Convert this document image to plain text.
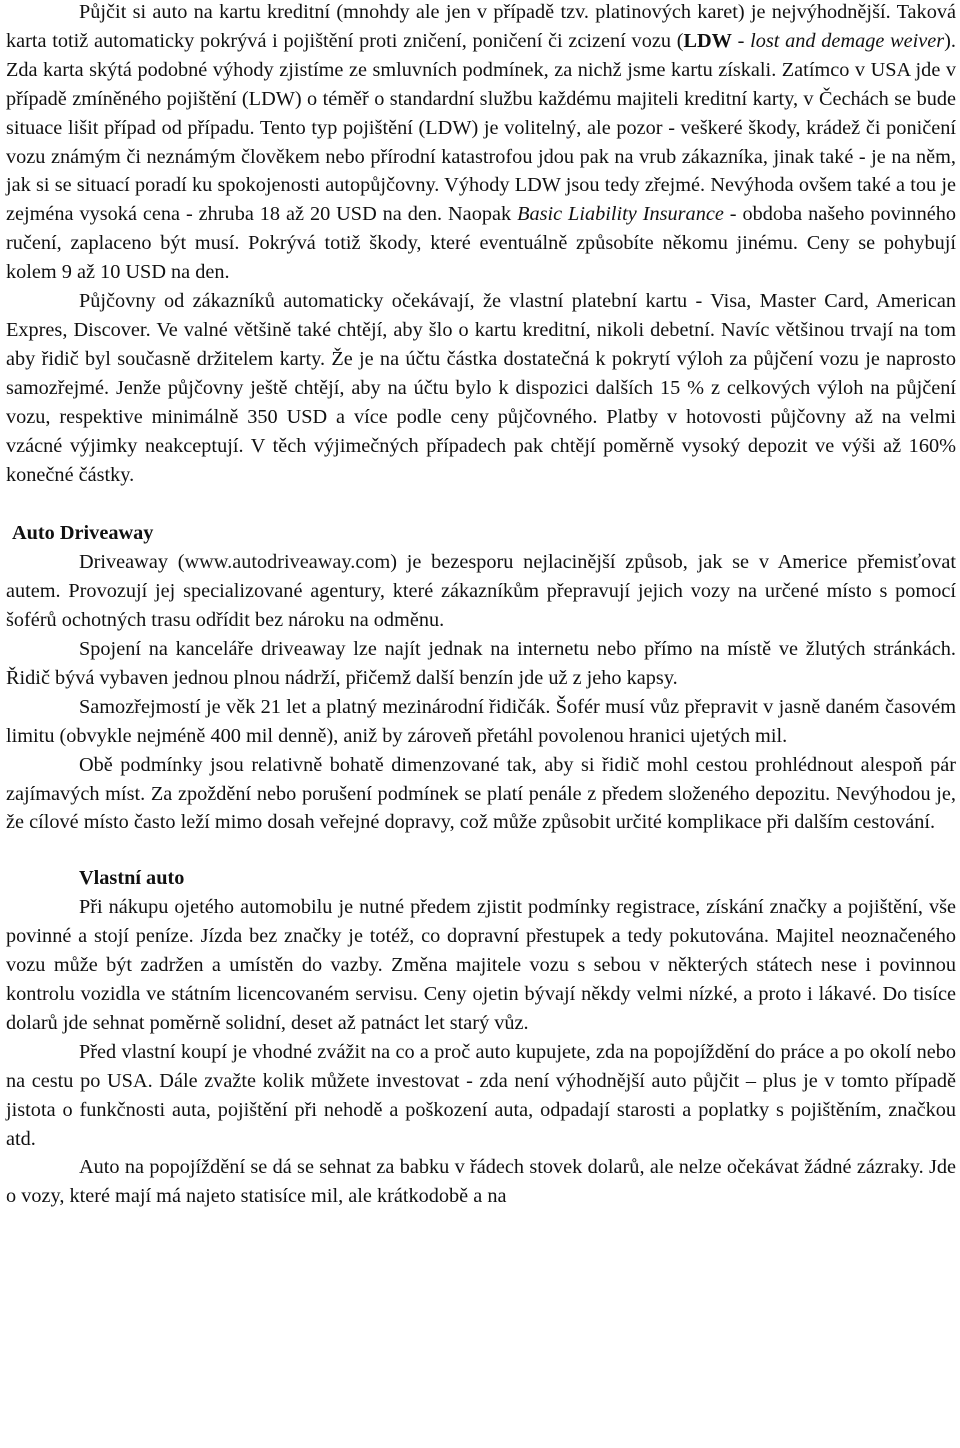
Půjčit si auto na kartu kreditní (mnohdy ale jen v případě tzv. platinových karet) je nejvýhodnější. Taková karta totiž automaticky pokrývá i pojištění proti zničení, poničení či zcizení vozu (LDW - lost and demage weiver). Zda karta skýtá podobné výhody zjistíme ze smluvních podmínek, za nichž jsme kartu získali. Zatímco v USA jde v případě zmíněného pojištění (LDW) o téměř o standardní službu každému majiteli kreditní karty, v Čechách se bude situace lišit případ od případu. Tento typ pojištění (LDW) je volitelný, ale pozor - veškeré škody, krádež či poničení vozu známým či neznámým člověkem nebo přírodní katastrofou jdou pak na vrub zákazníka, jinak také - je na něm, jak si se situací poradí ku spokojenosti autopůjčovny. Výhody LDW jsou tedy zřejmé. Nevýhoda ovšem také a tou je zejména vysoká cena - zhruba 18 až 20 USD na den. Naopak Basic Liability Insurance - obdoba našeho povinného ručení, zaplaceno být musí. Pokrývá totiž škody, které eventuálně způsobíte někomu jinému. Ceny se pohybují kolem 9 až 10 USD na den.

Půjčovny od zákazníků automaticky očekávají, že vlastní platební kartu - Visa, Master Card, American Expres, Discover. Ve valné většině také chtějí, aby šlo o kartu kreditní, nikoli debetní. Navíc většinou trvají na tom aby řidič byl současně držitelem karty. Že je na účtu částka dostatečná k pokrytí výloh za půjčení vozu je naprosto samozřejmé. Jenže půjčovny ještě chtějí, aby na účtu bylo k dispozici dalších 15 % z celkových výloh na půjčení vozu, respektive minimálně 350 USD a více podle ceny půjčovného. Platby v hotovosti půjčovny až na velmi vzácné výjimky neakceptují. V těch výjimečných případech pak chtějí poměrně vysoký depozit ve výši až 160% konečné částky.

Auto Driveaway

Driveaway (www.autodriveaway.com) je bezesporu nejlacinější způsob, jak se v Americe přemisťovat autem. Provozují jej specializované agentury, které zákazníkům přepravují jejich vozy na určené místo s pomocí šoférů ochotných trasu odřídit bez nároku na odměnu.

Spojení na kanceláře driveaway lze najít jednak na internetu nebo přímo na místě ve žlutých stránkách. Řidič bývá vybaven jednou plnou nádrží, přičemž další benzín jde už z jeho kapsy.

Samozřejmostí je věk 21 let a platný mezinárodní řidičák. Šofér musí vůz přepravit v jasně daném časovém limitu (obvykle nejméně 400 mil denně), aniž by zároveň přetáhl povolenou hranici ujetých mil.

Obě podmínky jsou relativně bohatě dimenzované tak, aby si řidič mohl cestou prohlédnout alespoň pár zajímavých míst. Za zpoždění nebo porušení podmínek se platí penále z předem složeného depozitu. Nevýhodou je, že cílové místo často leží mimo dosah veřejné dopravy, což může způsobit určité komplikace při dalším cestování.

Vlastní auto

Při nákupu ojetého automobilu je nutné předem zjistit podmínky registrace, získání značky a pojištění, vše povinné a stojí peníze. Jízda bez značky je totéž, co dopravní přestupek a tedy pokutována. Majitel neoznačeného vozu může být zadržen a umístěn do vazby. Změna majitele vozu s sebou v některých státech nese i povinnou kontrolu vozidla ve státním licencovaném servisu. Ceny ojetin bývají někdy velmi nízké, a proto i lákavé. Do tisíce dolarů jde sehnat poměrně solidní, deset až patnáct let starý vůz.

Před vlastní koupí je vhodné zvážit na co a proč auto kupujete, zda na popojíždění do práce a po okolí nebo na cestu po USA. Dále zvažte kolik můžete investovat - zda není výhodnější auto půjčit – plus je v tomto případě jistota o funkčnosti auta, pojištění při nehodě a poškození auta, odpadají starosti a poplatky s pojištěním, značkou atd.

Auto na popojíždění se dá se sehnat za babku v řádech stovek dolarů, ale nelze očekávat žádné zázraky. Jde o vozy, které mají má najeto statisíce mil, ale krátkodobě a na
